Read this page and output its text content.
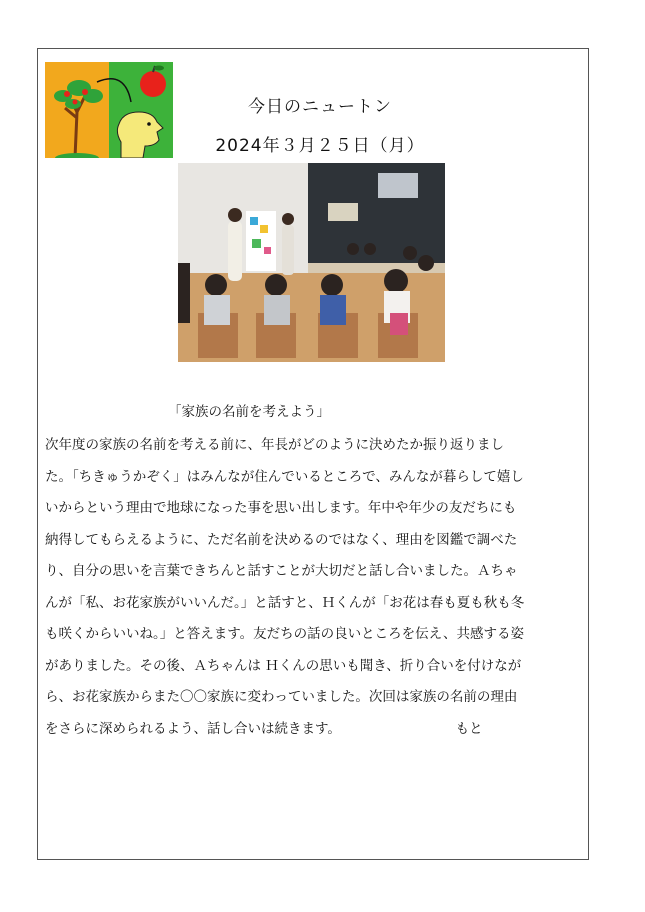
今日のニュートン
2024年３月２５日（月）
「家族の名前を考えよう」

次年度の家族の名前を考える前に、年長がどのように決めたか振り返りまし

た。「ちきゅうかぞく」はみんなが住んでいるところで、みんなが暮らして嬉し

いからという理由で地球になった事を思い出します。年中や年少の友だちにも

納得してもらえるように、ただ名前を決めるのではなく、理由を図鑑で調べた

り、自分の思いを言葉できちんと話すことが大切だと話し合いました。Ａちゃ

んが「私、お花家族がいいんだ。」と話すと、Ｈくんが「お花は春も夏も秋も冬

も咲くからいいね。」と答えます。友だちの話の良いところを伝え、共感する姿

がありました。その後、Ａちゃんは Ｈくんの思いも聞き、折り合いを付けなが

ら、お花家族からまた〇〇家族に変わっていました。次回は家族の名前の理由

をさらに深められるよう、話し合いは続きます。　　　　　　　　　もと
